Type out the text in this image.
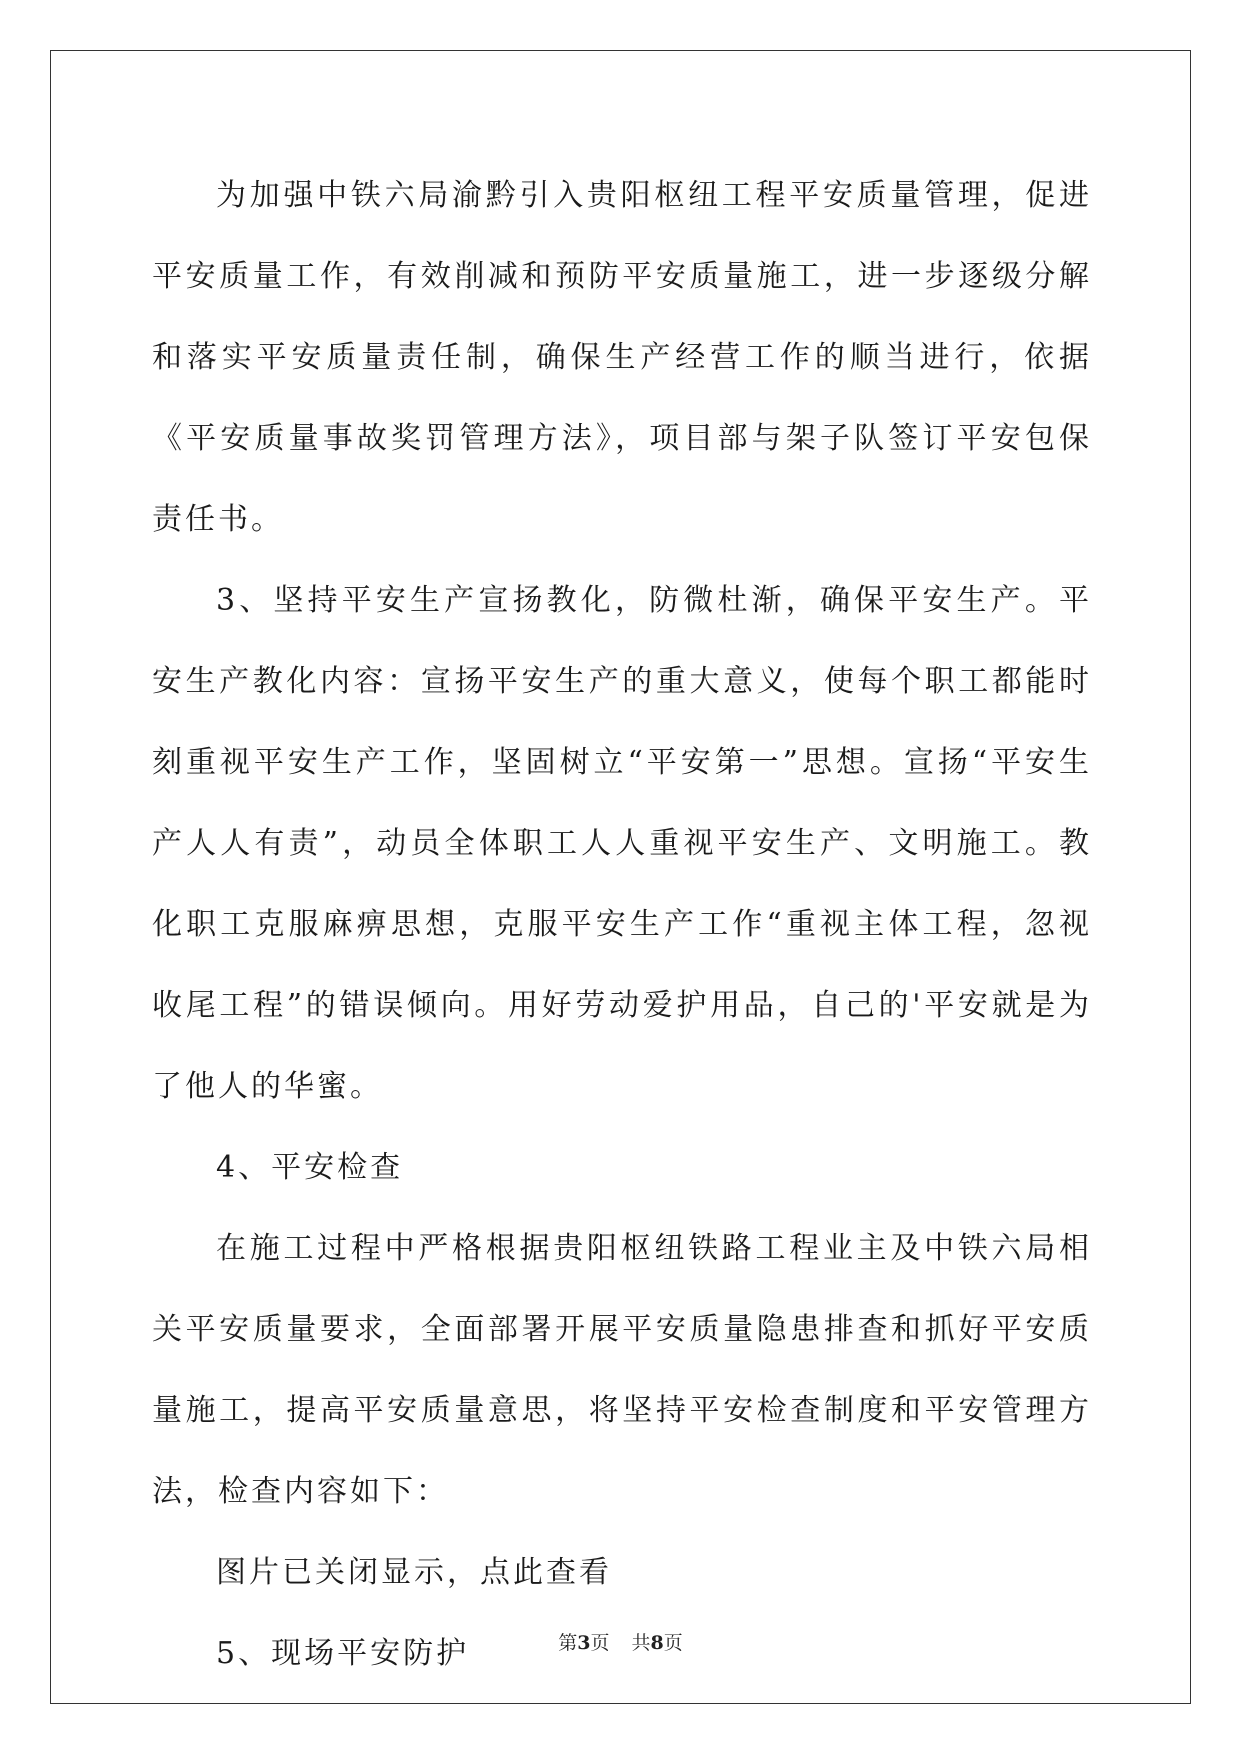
为加强中铁六局渝黔引入贵阳枢纽工程平安质量管理，促进平安质量工作，有效削减和预防平安质量施工，进一步逐级分解和落实平安质量责任制，确保生产经营工作的顺当进行，依据《平安质量事故奖罚管理方法》，项目部与架子队签订平安包保责任书。

3、坚持平安生产宣扬教化，防微杜渐，确保平安生产。平安生产教化内容：宣扬平安生产的重大意义，使每个职工都能时刻重视平安生产工作，坚固树立“平安第一”思想。宣扬“平安生产人人有责”，动员全体职工人人重视平安生产、文明施工。教化职工克服麻痹思想，克服平安生产工作“重视主体工程，忽视收尾工程”的错误倾向。用好劳动爱护用品，自己的'平安就是为了他人的华蜜。

4、平安检查

在施工过程中严格根据贵阳枢纽铁路工程业主及中铁六局相关平安质量要求，全面部署开展平安质量隐患排查和抓好平安质量施工，提高平安质量意思，将坚持平安检查制度和平安管理方法，检查内容如下：

图片已关闭显示，点此查看

5、现场平安防护	第3页 共8页
